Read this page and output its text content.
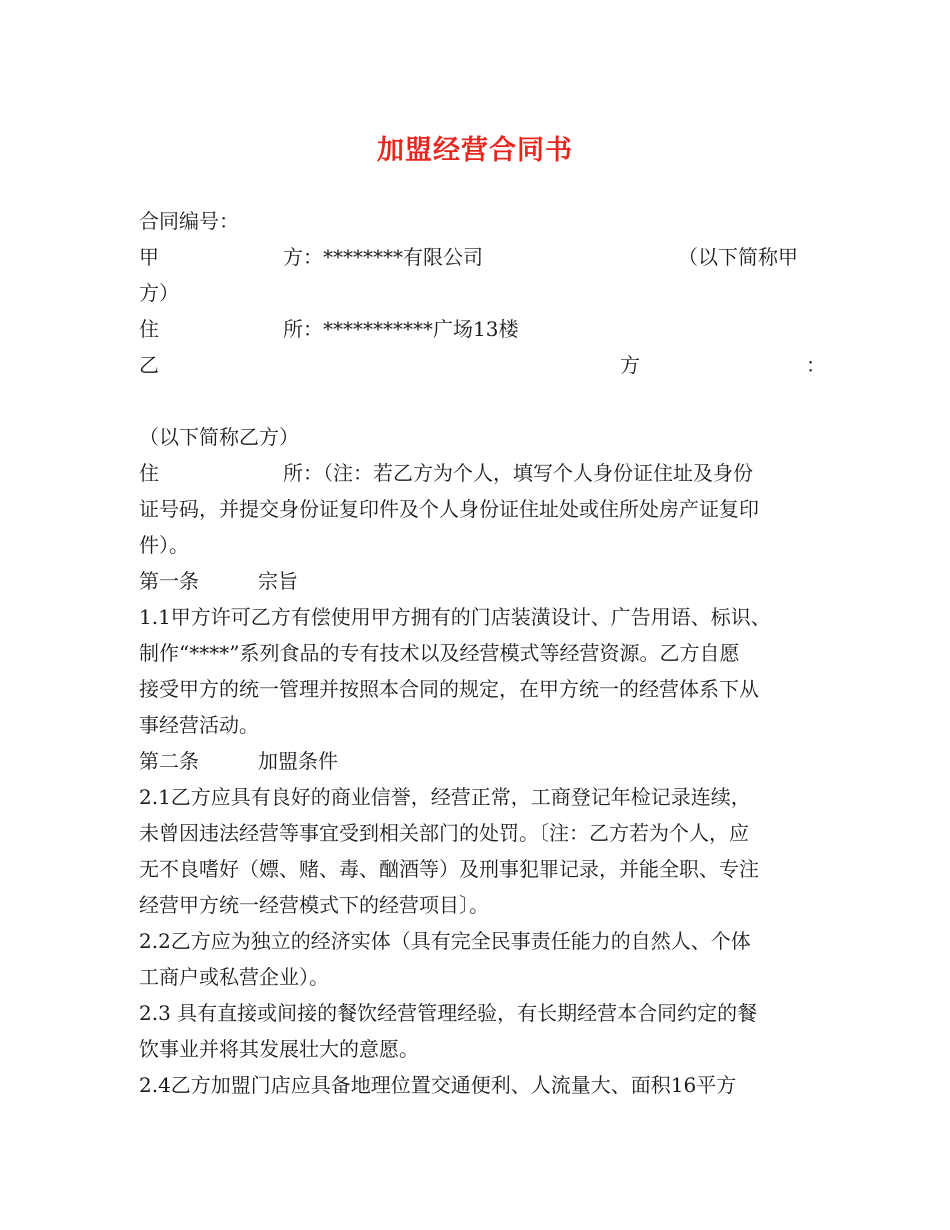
加盟经营合同书
合同编号：
甲	方：********有限公司	（以下简称甲
方）
住	所：***********广场13楼
乙	方	：
（以下简称乙方）
住	所：（注：若乙方为个人，填写个人身份证住址及身份
证号码，并提交身份证复印件及个人身份证住址处或住所处房产证复印
件）。
第一条	宗旨
1.1甲方许可乙方有偿使用甲方拥有的门店装潢设计、广告用语、标识、
制作“****”系列食品的专有技术以及经营模式等经营资源。乙方自愿
接受甲方的统一管理并按照本合同的规定，在甲方统一的经营体系下从
事经营活动。
第二条	加盟条件
2.1乙方应具有良好的商业信誉，经营正常，工商登记年检记录连续，
未曾因违法经营等事宜受到相关部门的处罚。〔注：乙方若为个人，应
无不良嗜好（嫖、赌、毒、酗酒等）及刑事犯罪记录，并能全职、专注
经营甲方统一经营模式下的经营项目〕。
2.2乙方应为独立的经济实体（具有完全民事责任能力的自然人、个体
工商户或私营企业）。
2.3 具有直接或间接的餐饮经营管理经验，有长期经营本合同约定的餐
饮事业并将其发展壮大的意愿。
2.4乙方加盟门店应具备地理位置交通便利、人流量大、面积16平方
